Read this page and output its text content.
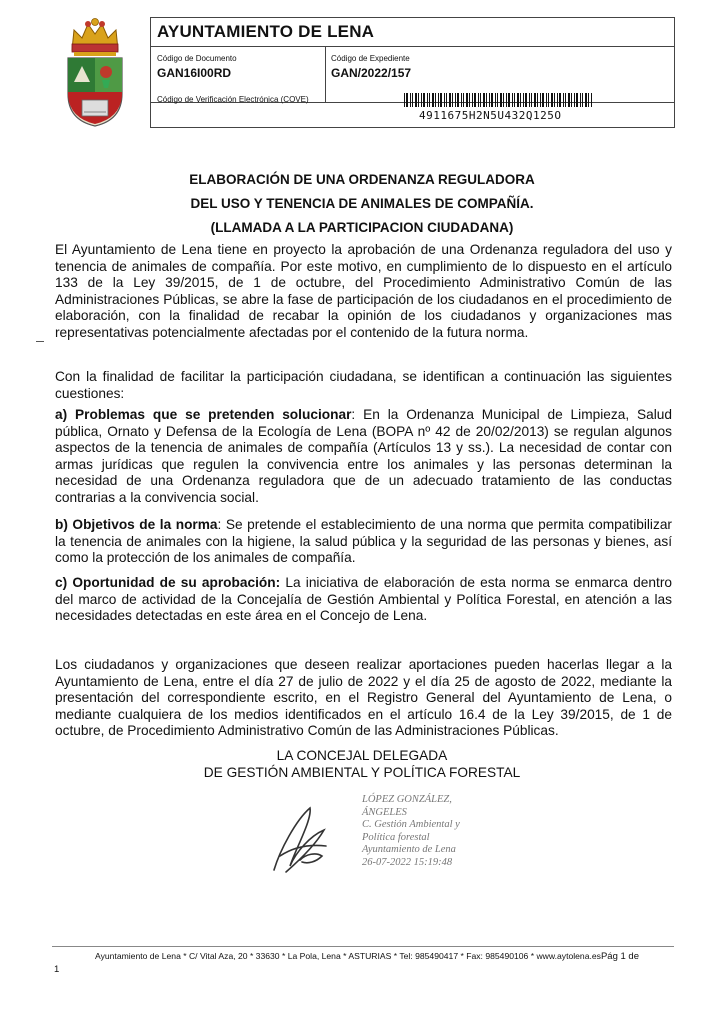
AYUNTAMIENTO DE LENA
Código de Documento
GAN16I00RD
Código de Expediente
GAN/2022/157
Código de Verificación Electrónica (COVE)
4911675H2N5U432Q125O
ELABORACIÓN DE UNA ORDENANZA REGULADORA
DEL USO Y TENENCIA DE ANIMALES DE COMPAÑÍA.
(LLAMADA A LA PARTICIPACION CIUDADANA)
El Ayuntamiento de Lena tiene en proyecto la aprobación de una Ordenanza reguladora del uso y tenencia de animales de compañía. Por este motivo, en cumplimiento de lo dispuesto en el artículo 133 de la Ley 39/2015, de 1 de octubre, del Procedimiento Administrativo Común de las Administraciones Públicas, se abre la fase de participación de los ciudadanos en el procedimiento de elaboración, con la finalidad de recabar la opinión de los ciudadanos y organizaciones mas representativas potencialmente afectadas por el contenido de la futura norma.
Con la finalidad de facilitar la participación ciudadana, se identifican a continuación las siguientes cuestiones:
a) Problemas que se pretenden solucionar: En la Ordenanza Municipal de Limpieza, Salud pública, Ornato y Defensa de la Ecología de Lena (BOPA nº 42 de 20/02/2013) se regulan algunos aspectos de la tenencia de animales de compañía (Artículos 13 y ss.). La necesidad de contar con armas jurídicas que regulen la convivencia entre los animales y las personas determinan la necesidad de una Ordenanza reguladora que de un adecuado tratamiento de las conductas contrarias a la convivencia social.
b) Objetivos de la norma: Se pretende el establecimiento de una norma que permita compatibilizar la tenencia de animales con la higiene, la salud pública y la seguridad de las personas y bienes, así como la protección de los animales de compañía.
c) Oportunidad de su aprobación: La iniciativa de elaboración de esta norma se enmarca dentro del marco de actividad de la Concejalía de Gestión Ambiental y Política Forestal, en atención a las necesidades detectadas en este área en el Concejo de Lena.
Los ciudadanos y organizaciones que deseen realizar aportaciones pueden hacerlas llegar a la Ayuntamiento de Lena, entre el día 27 de julio de 2022 y el día 25 de agosto de 2022, mediante la presentación del correspondiente escrito, en el Registro General del Ayuntamiento de Lena, o mediante cualquiera de los medios identificados en el artículo 16.4 de la Ley 39/2015, de 1 de octubre, de Procedimiento Administrativo Común de las Administraciones Públicas.
LA CONCEJAL DELEGADA
DE GESTIÓN AMBIENTAL Y POLÍTICA FORESTAL
LÓPEZ GONZÁLEZ,
ÁNGELES
C. Gestión Ambiental y
Política forestal
Ayuntamiento de Lena
26-07-2022 15:19:48
Ayuntamiento de Lena * C/ Vital Aza, 20 * 33630 * La Pola, Lena * ASTURIAS * Tel: 985490417 * Fax: 985490106 * www.aytolena.esPág 1 de
1
